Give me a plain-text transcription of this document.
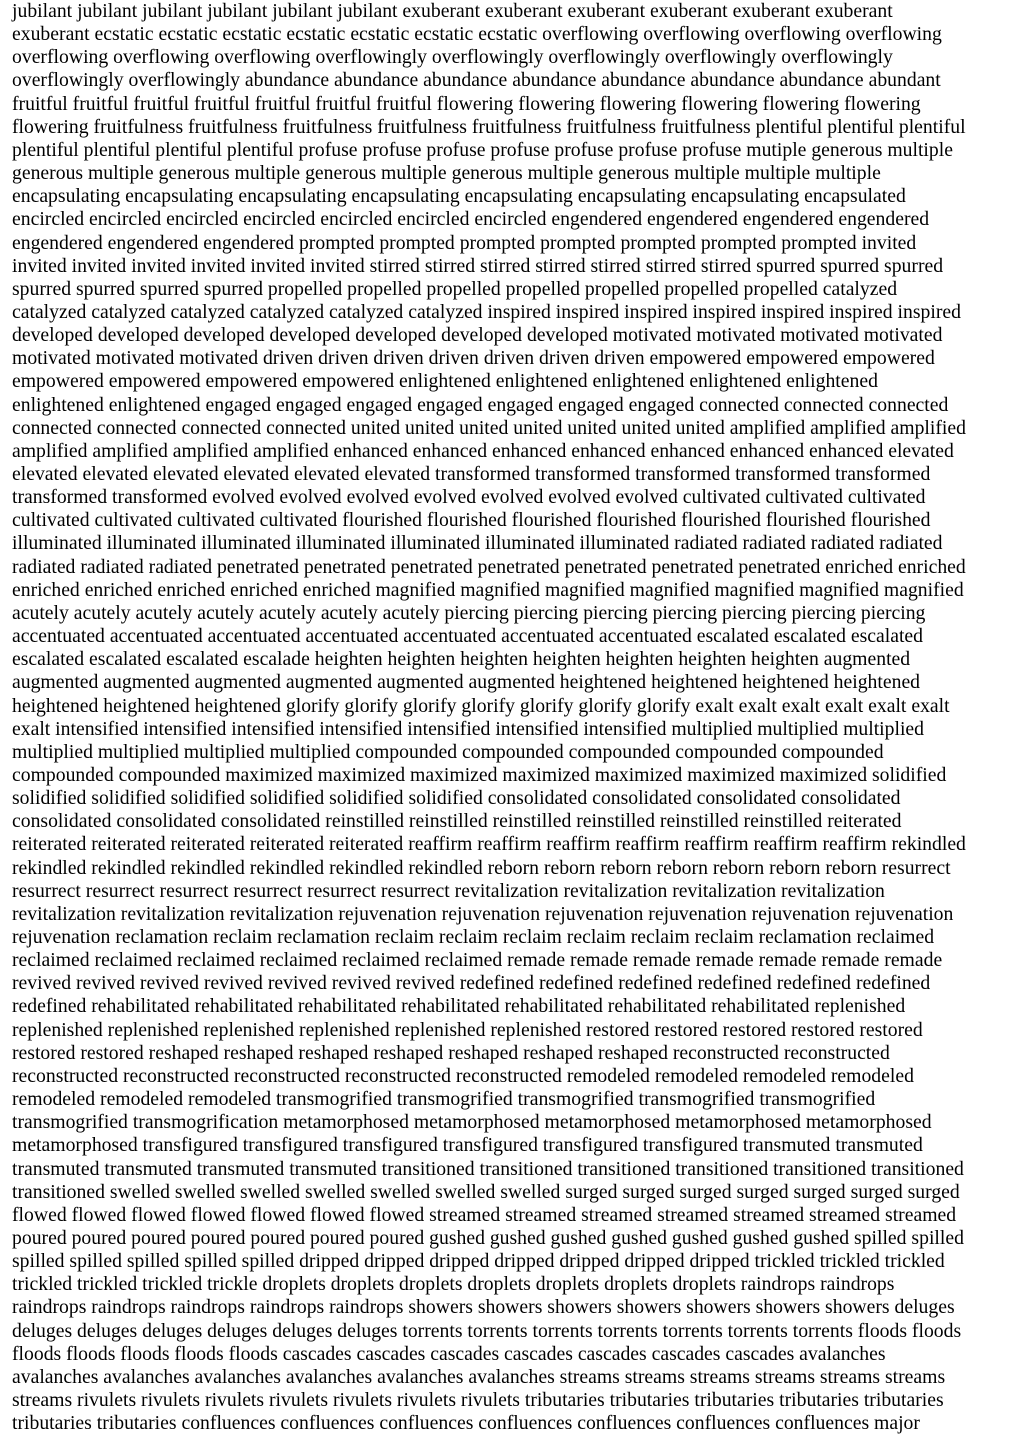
jubilant jubilant jubilant jubilant jubilant jubilant exuberant exuberant exuberant exuberant exuberant exuberant
exuberant ecstatic ecstatic ecstatic ecstatic ecstatic ecstatic ecstatic overflowing overflowing overflowing overflowing
overflowing overflowing overflowing overflowingly overflowingly overflowingly overflowingly overflowingly
overflowingly overflowingly abundance abundance abundance abundance abundance abundance abundance abundant
fruitful fruitful fruitful fruitful fruitful fruitful fruitful flowering flowering flowering flowering flowering flowering
flowering fruitfulness fruitfulness fruitfulness fruitfulness fruitfulness fruitfulness fruitfulness plentiful plentiful plentiful
plentiful plentiful plentiful plentiful profuse profuse profuse profuse profuse profuse profuse mutiple generous multiple
generous multiple generous multiple generous multiple generous multiple generous multiple multiple multiple
encapsulating encapsulating encapsulating encapsulating encapsulating encapsulating encapsulating encapsulated
encircled encircled encircled encircled encircled encircled encircled engendered engendered engendered engendered
engendered engendered engendered prompted prompted prompted prompted prompted prompted prompted invited
invited invited invited invited invited invited stirred stirred stirred stirred stirred stirred stirred spurred spurred spurred
spurred spurred spurred spurred propelled propelled propelled propelled propelled propelled propelled catalyzed
catalyzed catalyzed catalyzed catalyzed catalyzed catalyzed inspired inspired inspired inspired inspired inspired inspired
developed developed developed developed developed developed developed motivated motivated motivated motivated
motivated motivated motivated driven driven driven driven driven driven driven empowered empowered empowered
empowered empowered empowered empowered enlightened enlightened enlightened enlightened enlightened
enlightened enlightened engaged engaged engaged engaged engaged engaged engaged connected connected connected
connected connected connected connected united united united united united united united amplified amplified amplified
amplified amplified amplified amplified enhanced enhanced enhanced enhanced enhanced enhanced enhanced elevated
elevated elevated elevated elevated elevated elevated transformed transformed transformed transformed transformed
transformed transformed evolved evolved evolved evolved evolved evolved evolved cultivated cultivated cultivated
cultivated cultivated cultivated cultivated flourished flourished flourished flourished flourished flourished flourished
illuminated illuminated illuminated illuminated illuminated illuminated illuminated radiated radiated radiated radiated
radiated radiated radiated penetrated penetrated penetrated penetrated penetrated penetrated penetrated enriched enriched
enriched enriched enriched enriched enriched magnified magnified magnified magnified magnified magnified magnified
acutely acutely acutely acutely acutely acutely acutely piercing piercing piercing piercing piercing piercing piercing
accentuated accentuated accentuated accentuated accentuated accentuated accentuated escalated escalated escalated
escalated escalated escalated escalade heighten heighten heighten heighten heighten heighten heighten augmented
augmented augmented augmented augmented augmented augmented heightened heightened heightened heightened
heightened heightened heightened glorify glorify glorify glorify glorify glorify glorify exalt exalt exalt exalt exalt exalt
exalt intensified intensified intensified intensified intensified intensified intensified multiplied multiplied multiplied
multiplied multiplied multiplied multiplied compounded compounded compounded compounded compounded
compounded compounded maximized maximized maximized maximized maximized maximized maximized solidified
solidified solidified solidified solidified solidified solidified consolidated consolidated consolidated consolidated
consolidated consolidated consolidated reinstilled reinstilled reinstilled reinstilled reinstilled reinstilled reiterated
reiterated reiterated reiterated reiterated reiterated reaffirm reaffirm reaffirm reaffirm reaffirm reaffirm reaffirm rekindled
rekindled rekindled rekindled rekindled rekindled rekindled reborn reborn reborn reborn reborn reborn reborn resurrect
resurrect resurrect resurrect resurrect resurrect resurrect revitalization revitalization revitalization revitalization
revitalization revitalization revitalization rejuvenation rejuvenation rejuvenation rejuvenation rejuvenation rejuvenation
rejuvenation reclamation reclaim reclamation reclaim reclaim reclaim reclaim reclaim reclaim reclamation reclaimed
reclaimed reclaimed reclaimed reclaimed reclaimed reclaimed remade remade remade remade remade remade remade
revived revived revived revived revived revived revived redefined redefined redefined redefined redefined redefined
redefined rehabilitated rehabilitated rehabilitated rehabilitated rehabilitated rehabilitated rehabilitated replenished
replenished replenished replenished replenished replenished replenished restored restored restored restored restored
restored restored reshaped reshaped reshaped reshaped reshaped reshaped reshaped reconstructed reconstructed
reconstructed reconstructed reconstructed reconstructed reconstructed remodeled remodeled remodeled remodeled
remodeled remodeled remodeled transmogrified transmogrified transmogrified transmogrified transmogrified
transmogrified transmogrification metamorphosed metamorphosed metamorphosed metamorphosed metamorphosed
metamorphosed transfigured transfigured transfigured transfigured transfigured transfigured transmuted transmuted
transmuted transmuted transmuted transmuted transitioned transitioned transitioned transitioned transitioned transitioned
transitioned swelled swelled swelled swelled swelled swelled swelled surged surged surged surged surged surged surged
flowed flowed flowed flowed flowed flowed flowed streamed streamed streamed streamed streamed streamed streamed
poured poured poured poured poured poured poured gushed gushed gushed gushed gushed gushed gushed spilled spilled
spilled spilled spilled spilled spilled dripped dripped dripped dripped dripped dripped dripped trickled trickled trickled
trickled trickled trickled trickle droplets droplets droplets droplets droplets droplets droplets raindrops raindrops
raindrops raindrops raindrops raindrops raindrops showers showers showers showers showers showers showers deluges
deluges deluges deluges deluges deluges deluges torrents torrents torrents torrents torrents torrents torrents floods floods
floods floods floods floods floods cascades cascades cascades cascades cascades cascades cascades avalanches
avalanches avalanches avalanches avalanches avalanches avalanches streams streams streams streams streams streams
streams rivulets rivulets rivulets rivulets rivulets rivulets rivulets tributaries tributaries tributaries tributaries tributaries
tributaries tributaries confluences confluences confluences confluences confluences confluences confluences major
